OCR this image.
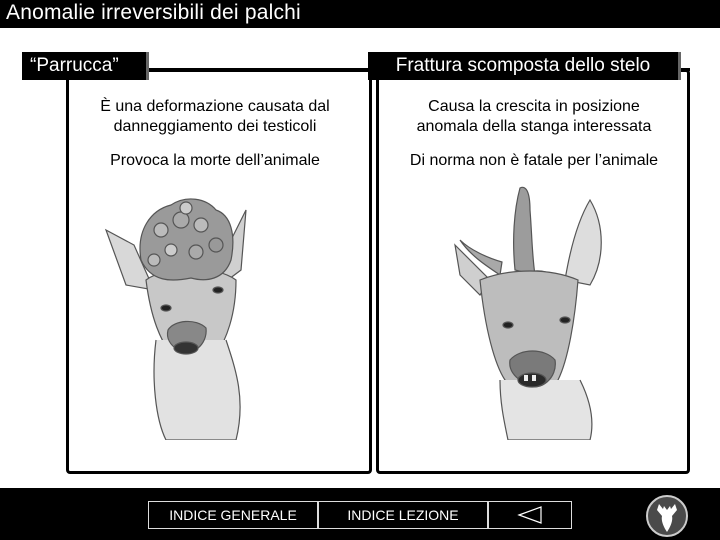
Anomalie irreversibili dei palchi
“Parrucca”
È una deformazione causata dal
danneggiamento dei testicoli
Provoca la morte dell’animale
Frattura scomposta dello stelo
Causa la crescita in posizione
anomala della stanga interessata
Di norma non è fatale per l’animale
INDICE GENERALE	INDICE LEZIONE
